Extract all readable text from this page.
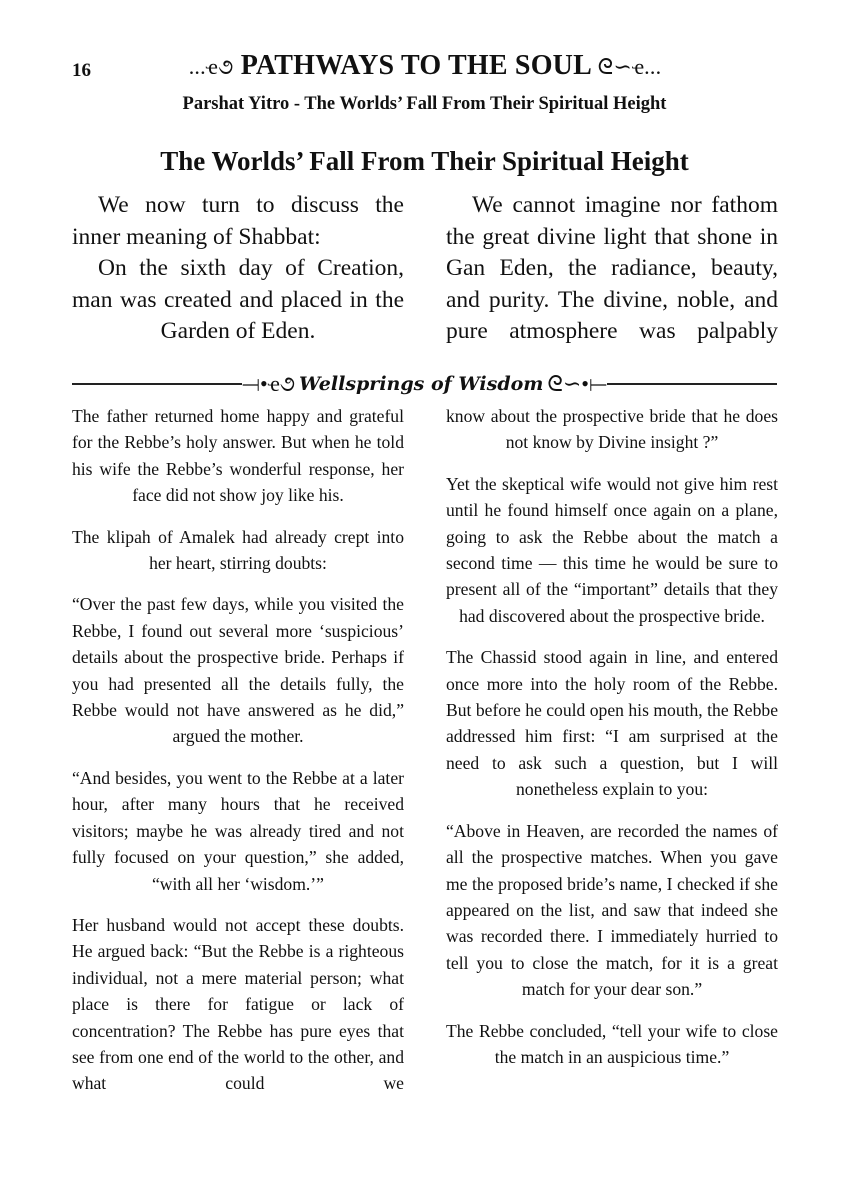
16	...ҽ૭ PATHWAYS TO THE SOUL ᘓ∽ҽ...
Parshat Yitro - The Worlds’ Fall From Their Spiritual Height
The Worlds’ Fall From Their Spiritual Height

We now turn to discuss the inner meaning of Shabbat:

On the sixth day of Creation, man was created and placed in the Garden of Eden.

We cannot imagine nor fathom the great divine light that shone in Gan Eden, the radiance, beauty, and purity. The divine, noble, and pure atmosphere was palpably

⟞•ҽ૭ Wellsprings of Wisdom ᘓ∽•⟝

The father returned home happy and grateful for the Rebbe’s holy answer. But when he told his wife the Rebbe’s wonderful response, her face did not show joy like his.

The klipah of Amalek had already crept into her heart, stirring doubts:

“Over the past few days, while you visited the Rebbe, I found out several more ‘suspicious’ details about the prospective bride. Perhaps if you had presented all the details fully, the Rebbe would not have answered as he did,” argued the mother.

“And besides, you went to the Rebbe at a later hour, after many hours that he received visitors; maybe he was already tired and not fully focused on your question,” she added, “with all her ‘wisdom.’”

Her husband would not accept these doubts. He argued back: “But the Rebbe is a righteous individual, not a mere material person; what place is there for fatigue or lack of concentration? The Rebbe has pure eyes that see from one end of the world to the other, and what could we

know about the prospective bride that he does not know by Divine insight ?”

Yet the skeptical wife would not give him rest until he found himself once again on a plane, going to ask the Rebbe about the match a second time — this time he would be sure to present all of the “important” details that they had discovered about the prospective bride.

The Chassid stood again in line, and entered once more into the holy room of the Rebbe. But before he could open his mouth, the Rebbe addressed him first: “I am surprised at the need to ask such a question, but I will nonetheless explain to you:

“Above in Heaven, are recorded the names of all the prospective matches. When you gave me the proposed bride’s name, I checked if she appeared on the list, and saw that indeed she was recorded there. I immediately hurried to tell you to close the match, for it is a great match for your dear son.”

The Rebbe concluded, “tell your wife to close the match in an auspicious time.”
